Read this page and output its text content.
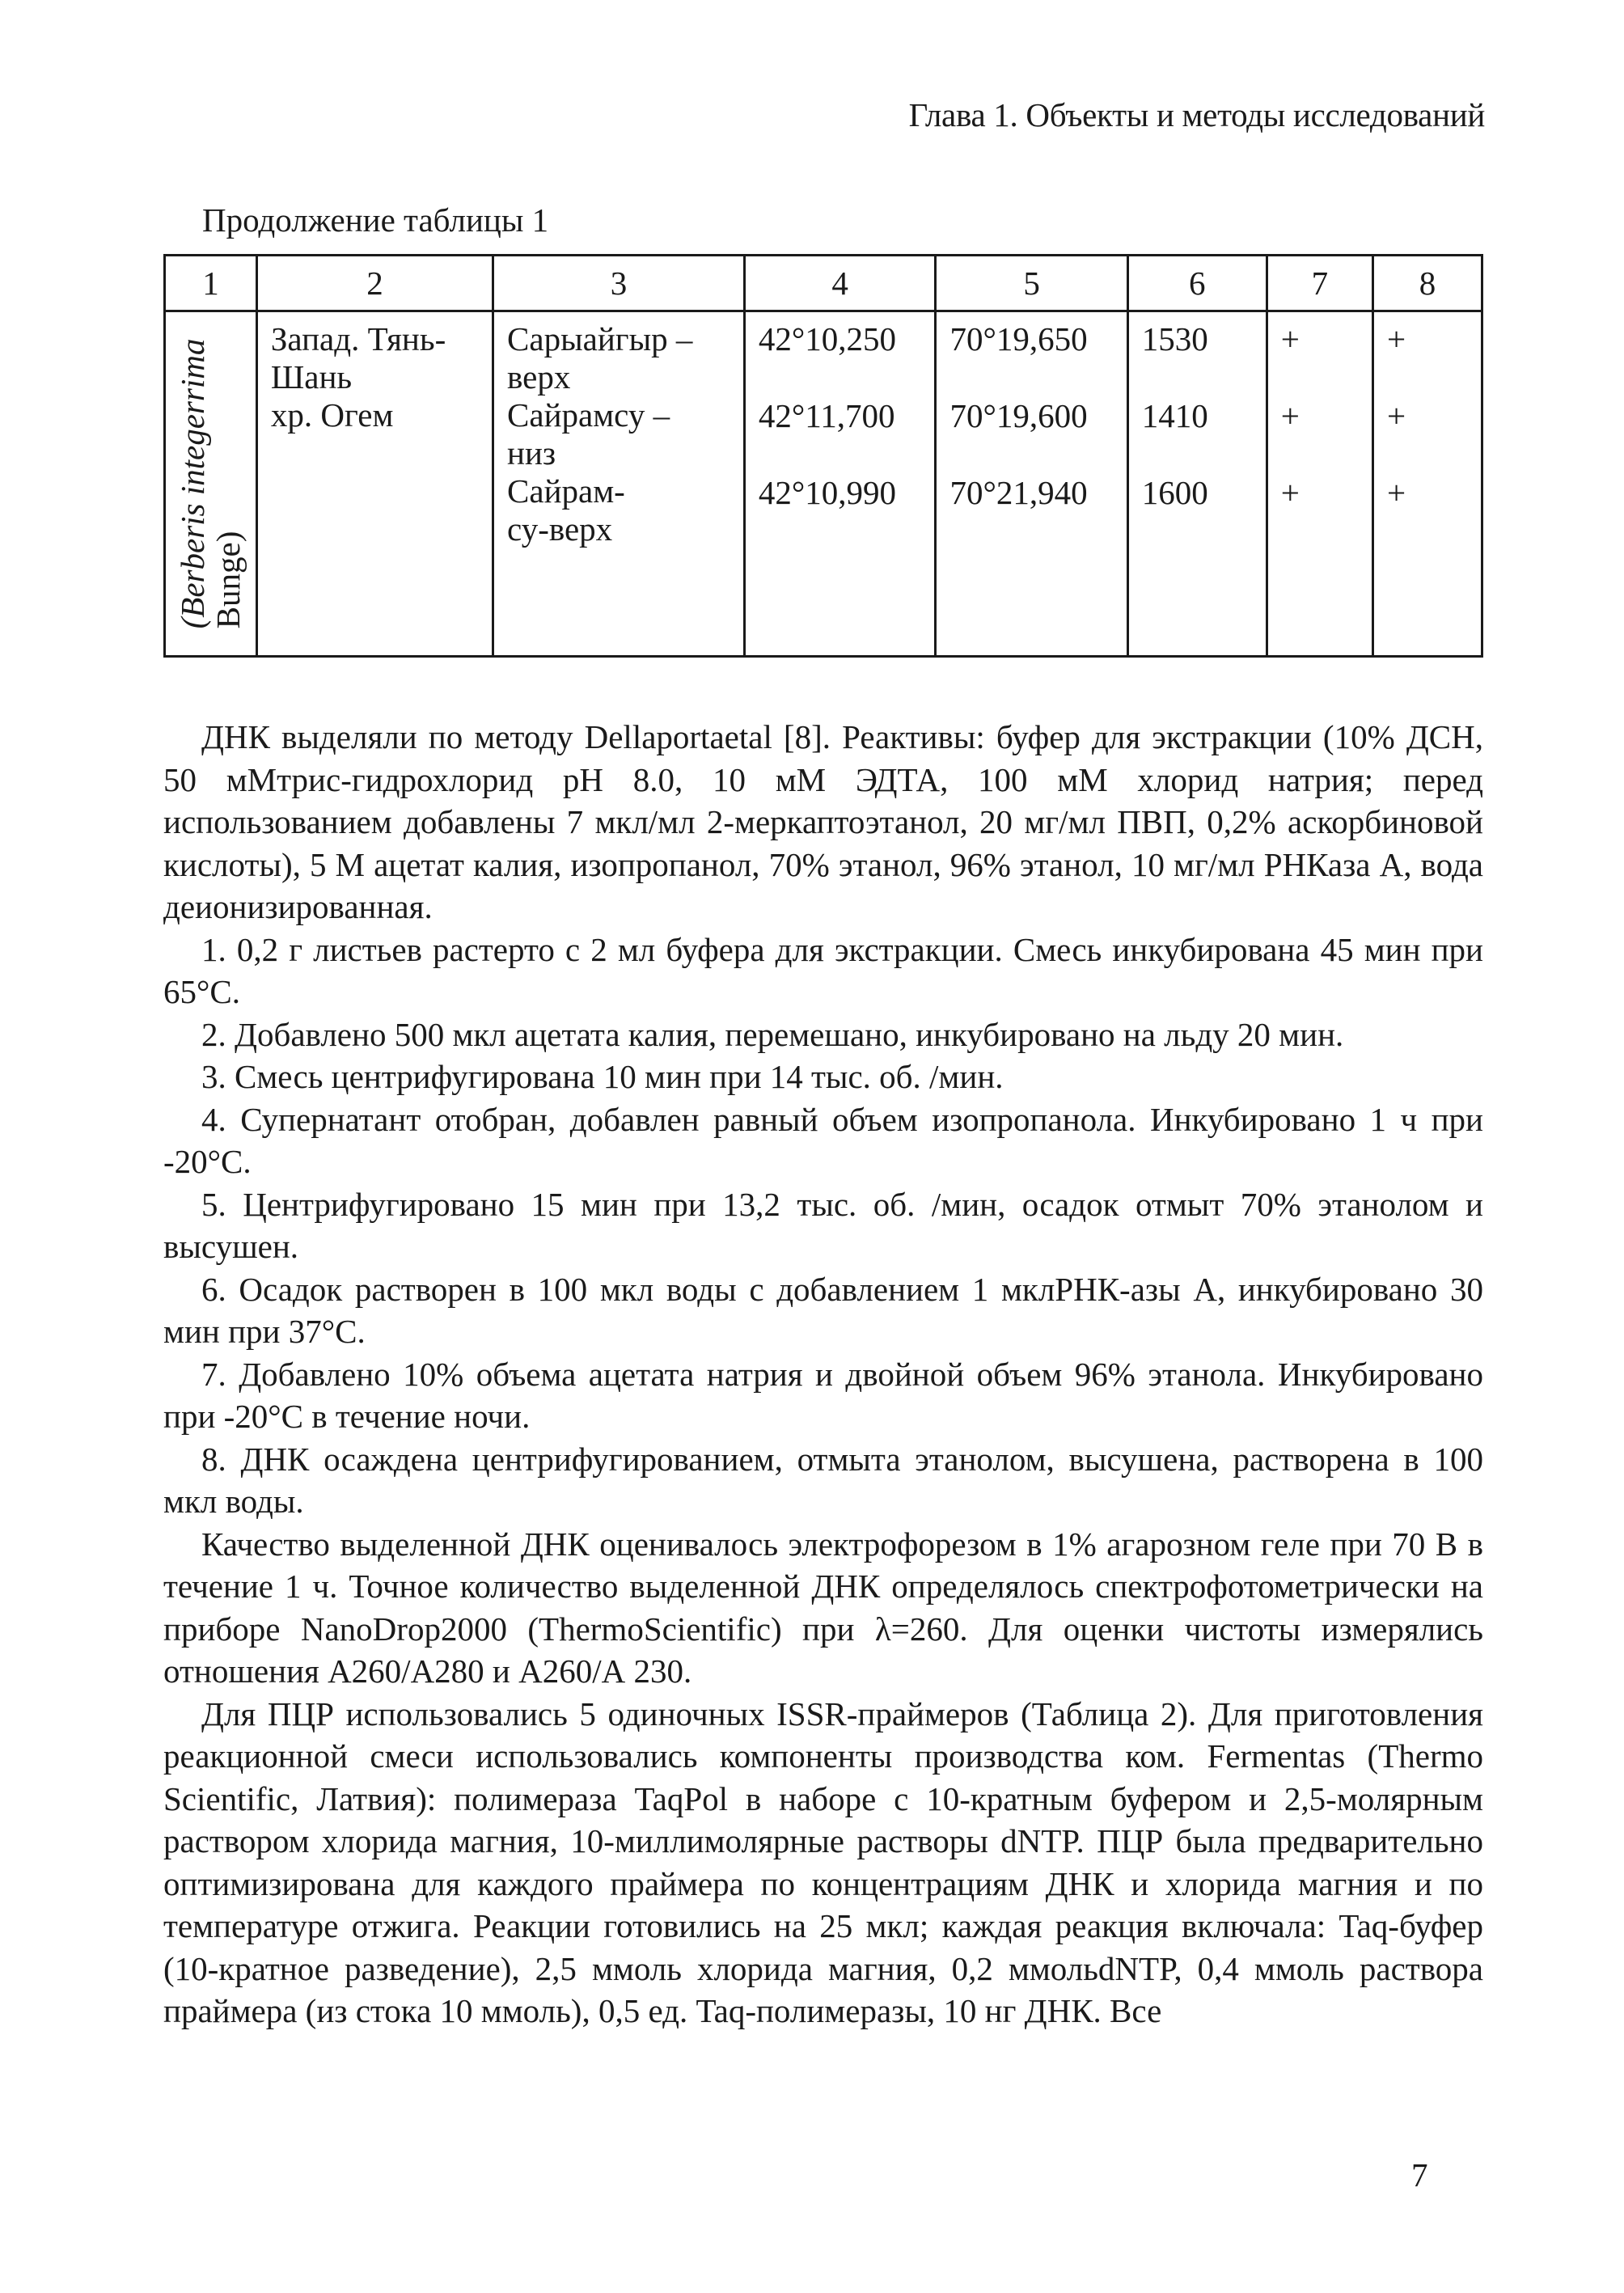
Глава 1. Объекты и методы исследований
Продолжение таблицы 1
1	2	3	4	5	6	7	8

(Berberis integerrima
Bunge)

Запад. Тянь-
Шань
хр. Огем

Сарыайгыр –
верх
Сайрамсу –
низ
Сайрам-
су-верх

42°10,250
42°11,700
42°10,990

70°19,650
70°19,600
70°21,940

1530
1410
1600

+
+
+

+
+
+

ДНК выделяли по методу Dellaportaetal [8]. Реактивы: буфер для экстракции (10% ДСН, 50 мМтрис-гидрохлорид рН 8.0, 10 мМ ЭДТА, 100 мМ хлорид натрия; перед использованием добавлены 7 мкл/мл 2-меркаптоэтанол, 20 мг/мл ПВП, 0,2% аскорбиновой кислоты), 5 М ацетат калия, изопропанол, 70% этанол, 96% этанол, 10 мг/мл РНКаза А, вода деионизированная.

1. 0,2 г листьев растерто с 2 мл буфера для экстракции. Смесь инкубирована 45 мин при 65°С.

2. Добавлено 500 мкл ацетата калия, перемешано, инкубировано на льду 20 мин.

3. Смесь центрифугирована 10 мин при 14 тыс. об. /мин.

4. Супернатант отобран, добавлен равный объем изопропанола. Инкубировано 1 ч при -20°С.

5. Центрифугировано 15 мин при 13,2 тыс. об. /мин, осадок отмыт 70% этанолом и высушен.

6. Осадок растворен в 100 мкл воды с добавлением 1 мклРНК-азы А, инкубировано 30 мин при 37°С.

7. Добавлено 10% объема ацетата натрия и двойной объем 96% этанола. Инкубировано при -20°С в течение ночи.

8. ДНК осаждена центрифугированием, отмыта этанолом, высушена, растворена в 100 мкл воды.

Качество выделенной ДНК оценивалось электрофорезом в 1% агарозном геле при 70 В в течение 1 ч. Точное количество выделенной ДНК определялось спектрофотометрически на приборе NanoDrop2000 (ThermoScientific) при λ=260. Для оценки чистоты измерялись отношения А260/А280 и А260/А 230.

Для ПЦР использовались 5 одиночных ISSR-праймеров (Таблица 2). Для приготовления реакционной смеси использовались компоненты производства ком. Fermentas (Thermo Scientific, Латвия): полимераза TaqPol в наборе с 10-кратным буфером и 2,5-молярным раствором хлорида магния, 10-миллимолярные растворы dNTP. ПЦР была предварительно оптимизирована для каждого праймера по концентрациям ДНК и хлорида магния и по температуре отжига. Реакции готовились на 25 мкл; каждая реакция включала: Taq-буфер (10-кратное разведение), 2,5 ммоль хлорида магния, 0,2 ммольdNTP, 0,4 ммоль раствора праймера (из стока 10 ммоль), 0,5 ед. Taq-полимеразы, 10 нг ДНК. Все

7
